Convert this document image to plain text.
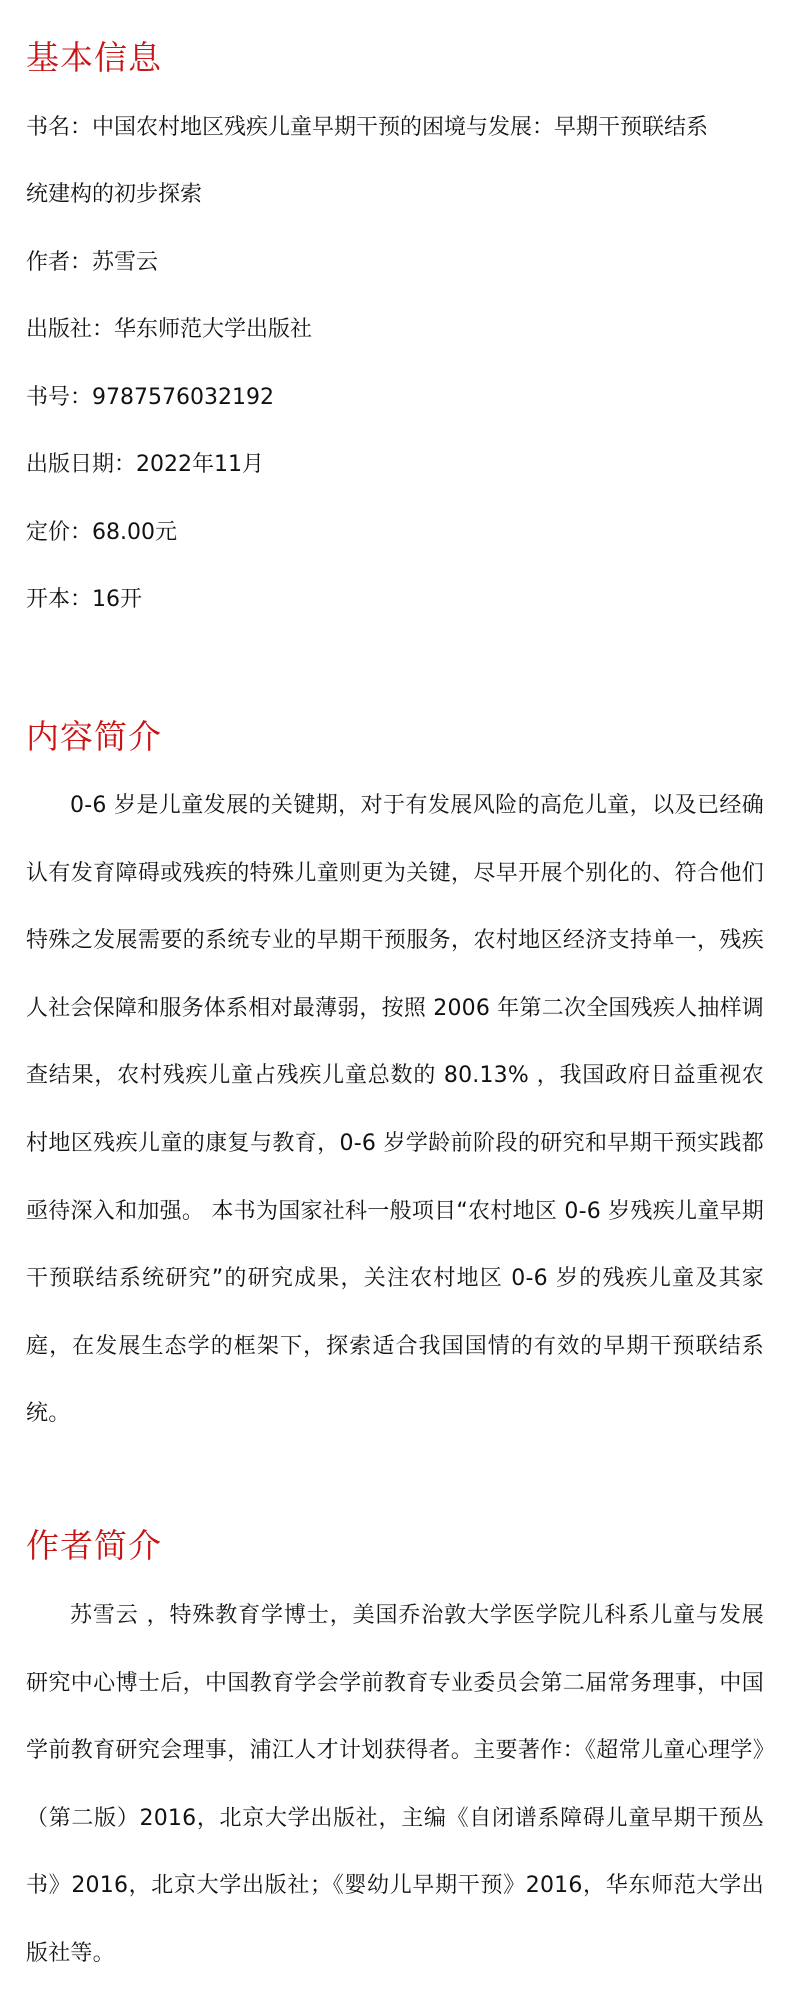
基本信息

书名：中国农村地区残疾儿童早期干预的困境与发展：早期干预联结系

统建构的初步探索

作者：苏雪云

出版社：华东师范大学出版社

书号：9787576032192

出版日期：2022年11月

定价：68.00元

开本：16开

内容简介

0-6 岁是儿童发展的关键期，对于有发展风险的高危儿童，以及已经确认有发育障碍或残疾的特殊儿童则更为关键，尽早开展个别化的、符合他们特殊之发展需要的系统专业的早期干预服务，农村地区经济支持单一，残疾人社会保障和服务体系相对最薄弱，按照 2006 年第二次全国残疾人抽样调查结果，农村残疾儿童占残疾儿童总数的 80.13% ，我国政府日益重视农村地区残疾儿童的康复与教育，0-6 岁学龄前阶段的研究和早期干预实践都亟待深入和加强。 本书为国家社科一般项目“农村地区 0-6 岁残疾儿童早期干预联结系统研究”的研究成果，关注农村地区 0-6 岁的残疾儿童及其家庭，在发展生态学的框架下，探索适合我国国情的有效的早期干预联结系统。

作者简介

苏雪云 ，特殊教育学博士，美国乔治敦大学医学院儿科系儿童与发展研究中心博士后，中国教育学会学前教育专业委员会第二届常务理事，中国学前教育研究会理事，浦江人才计划获得者。主要著作：《超常儿童心理学》（第二版）2016，北京大学出版社，主编《自闭谱系障碍儿童早期干预丛书》2016，北京大学出版社；《婴幼儿早期干预》2016，华东师范大学出版社等。
